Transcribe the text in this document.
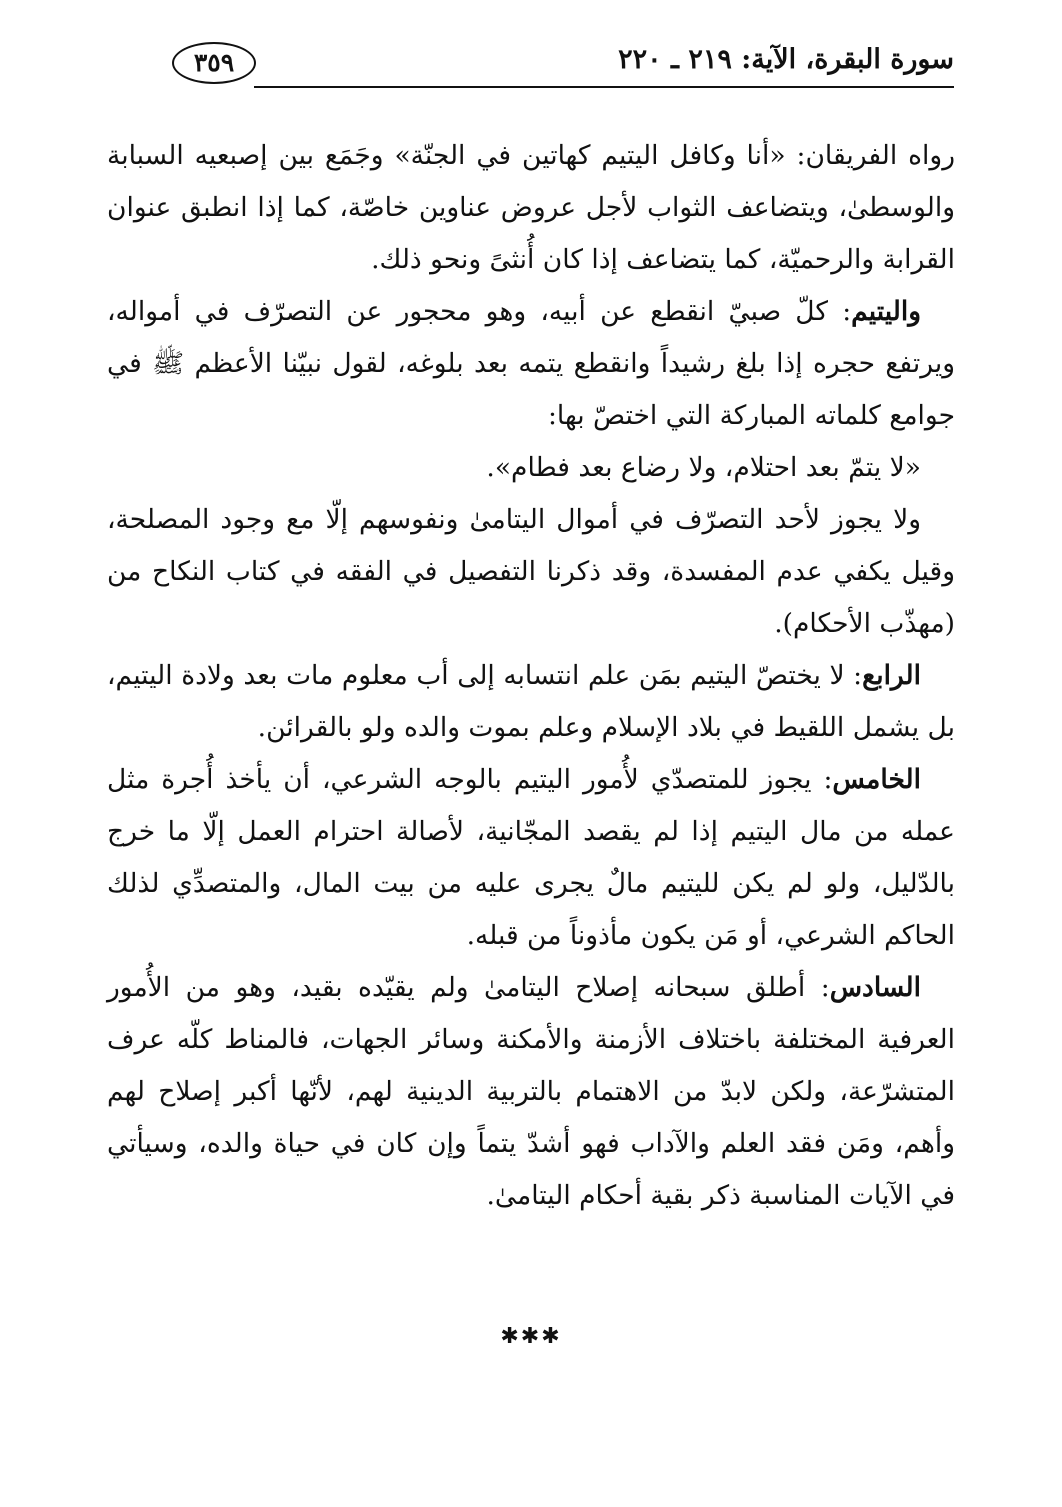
سورة البقرة، الآية: ٢١٩ ـ ٢٢٠
٣٥٩

رواه الفريقان: «أنا وكافل اليتيم كهاتين في الجنّة» وجَمَع بين إصبعيه السبابة والوسطىٰ، ويتضاعف الثواب لأجل عروض عناوين خاصّة، كما إذا انطبق عنوان القرابة والرحميّة، كما يتضاعف إذا كان أُنثىً ونحو ذلك.

واليتيم: كلّ صبيّ انقطع عن أبيه، وهو محجور عن التصرّف في أمواله، ويرتفع حجره إذا بلغ رشيداً وانقطع يتمه بعد بلوغه، لقول نبيّنا الأعظم ﷺ في جوامع كلماته المباركة التي اختصّ بها:

«لا يتمّ بعد احتلام، ولا رضاع بعد فطام».

ولا يجوز لأحد التصرّف في أموال اليتامىٰ ونفوسهم إلّا مع وجود المصلحة، وقيل يكفي عدم المفسدة، وقد ذكرنا التفصيل في الفقه في كتاب النكاح من (مهذّب الأحكام).

الرابع: لا يختصّ اليتيم بمَن علم انتسابه إلى أب معلوم مات بعد ولادة اليتيم، بل يشمل اللقيط في بلاد الإسلام وعلم بموت والده ولو بالقرائن.

الخامس: يجوز للمتصدّي لأُمور اليتيم بالوجه الشرعي، أن يأخذ أُجرة مثل عمله من مال اليتيم إذا لم يقصد المجّانية، لأصالة احترام العمل إلّا ما خرج بالدّليل، ولو لم يكن لليتيم مالٌ يجرى عليه من بيت المال، والمتصدِّي لذلك الحاكم الشرعي، أو مَن يكون مأذوناً من قبله.

السادس: أطلق سبحانه إصلاح اليتامىٰ ولم يقيّده بقيد، وهو من الأُمور العرفية المختلفة باختلاف الأزمنة والأمكنة وسائر الجهات، فالمناط كلّه عرف المتشرّعة، ولكن لابدّ من الاهتمام بالتربية الدينية لهم، لأنّها أكبر إصلاح لهم وأهم، ومَن فقد العلم والآداب فهو أشدّ يتماً وإن كان في حياة والده، وسيأتي في الآيات المناسبة ذكر بقية أحكام اليتامىٰ.

✱✱✱
